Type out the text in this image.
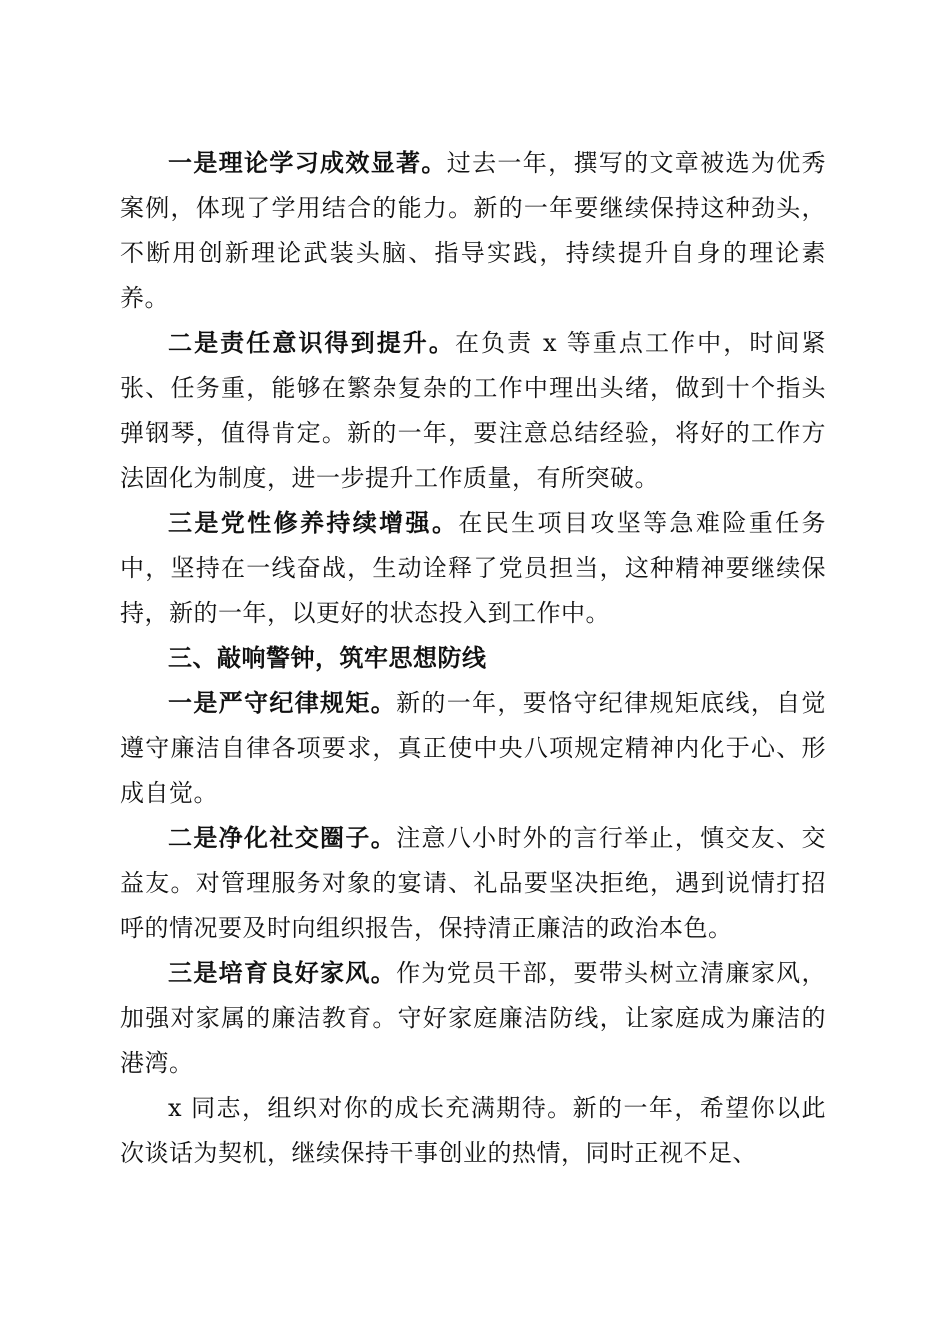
一是理论学习成效显著。过去一年，撰写的文章被选为优秀案例，体现了学用结合的能力。新的一年要继续保持这种劲头，不断用创新理论武装头脑、指导实践，持续提升自身的理论素养。

二是责任意识得到提升。在负责 x 等重点工作中，时间紧张、任务重，能够在繁杂复杂的工作中理出头绪，做到十个指头弹钢琴，值得肯定。新的一年，要注意总结经验，将好的工作方法固化为制度，进一步提升工作质量，有所突破。

三是党性修养持续增强。在民生项目攻坚等急难险重任务中，坚持在一线奋战，生动诠释了党员担当，这种精神要继续保持，新的一年，以更好的状态投入到工作中。

三、敲响警钟，筑牢思想防线

一是严守纪律规矩。新的一年，要恪守纪律规矩底线，自觉遵守廉洁自律各项要求，真正使中央八项规定精神内化于心、形成自觉。

二是净化社交圈子。注意八小时外的言行举止，慎交友、交益友。对管理服务对象的宴请、礼品要坚决拒绝，遇到说情打招呼的情况要及时向组织报告，保持清正廉洁的政治本色。

三是培育良好家风。作为党员干部，要带头树立清廉家风，加强对家属的廉洁教育。守好家庭廉洁防线，让家庭成为廉洁的港湾。

x 同志，组织对你的成长充满期待。新的一年，希望你以此次谈话为契机，继续保持干事创业的热情，同时正视不足、
